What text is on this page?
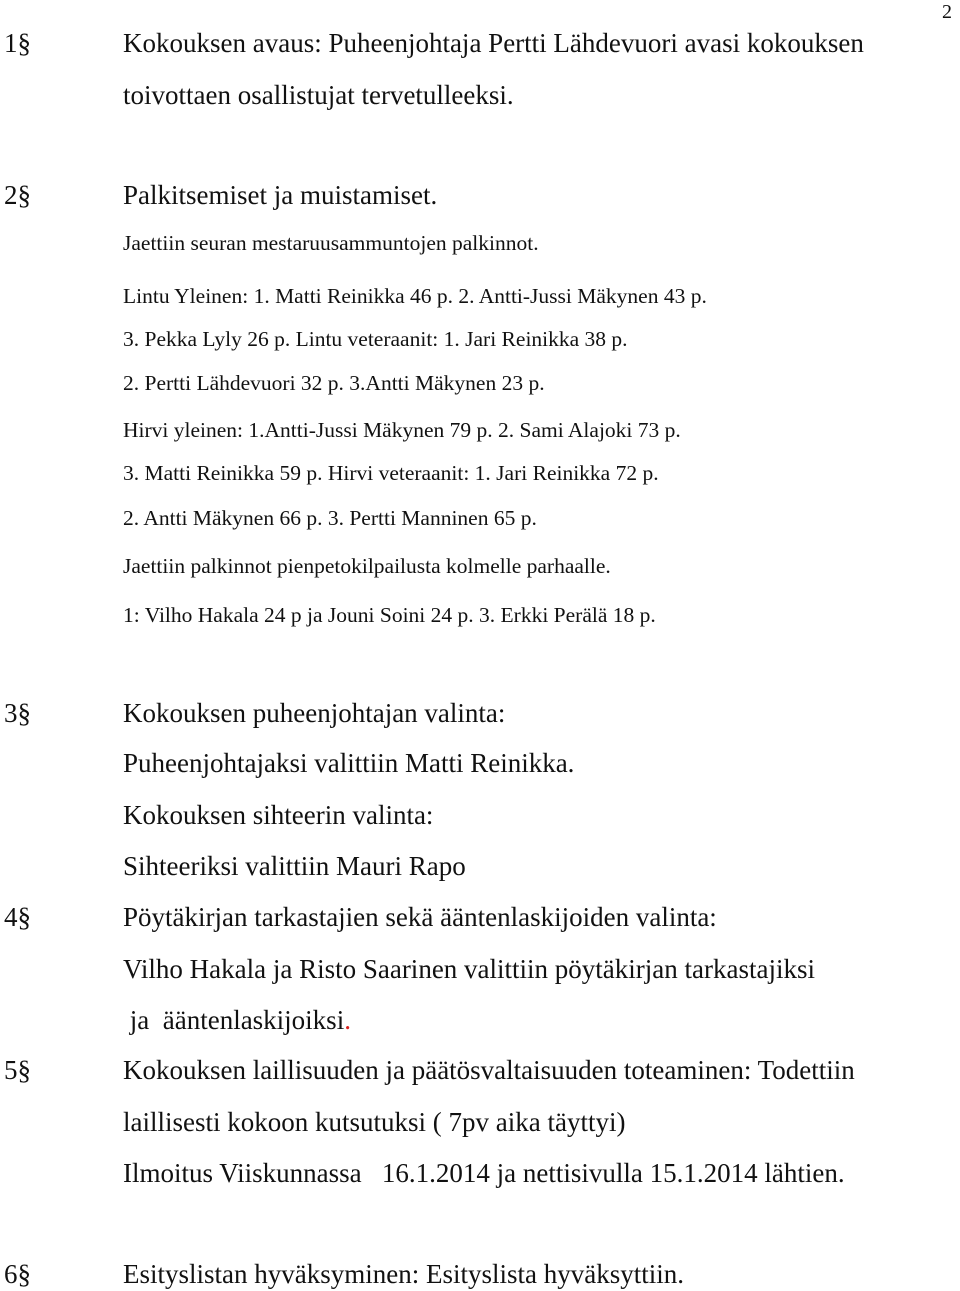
2
1§	Kokouksen avaus: Puheenjohtaja Pertti Lähdevuori avasi kokouksen
toivottaen osallistujat tervetulleeksi.
2§	Palkitsemiset ja muistamiset.
Jaettiin seuran mestaruusammuntojen palkinnot.
Lintu Yleinen: 1. Matti Reinikka 46 p. 2. Antti-Jussi Mäkynen 43 p.
3. Pekka Lyly 26 p. Lintu veteraanit: 1. Jari Reinikka 38 p.
2. Pertti Lähdevuori 32 p. 3.Antti Mäkynen 23 p.
Hirvi yleinen: 1.Antti-Jussi Mäkynen 79 p. 2. Sami Alajoki 73 p.
3. Matti Reinikka 59 p. Hirvi veteraanit: 1. Jari Reinikka 72 p.
2. Antti Mäkynen 66 p. 3. Pertti Manninen 65 p.
Jaettiin palkinnot pienpetokilpailusta kolmelle parhaalle.
1: Vilho Hakala 24 p ja Jouni Soini 24 p. 3. Erkki Perälä 18 p.
3§	Kokouksen puheenjohtajan valinta:
Puheenjohtajaksi valittiin Matti Reinikka.
Kokouksen sihteerin valinta:
Sihteeriksi valittiin Mauri Rapo
4§	Pöytäkirjan tarkastajien sekä ääntenlaskijoiden valinta:
Vilho Hakala ja Risto Saarinen valittiin pöytäkirjan tarkastajiksi
ja  ääntenlaskijoiksi.
5§	Kokouksen laillisuuden ja päätösvaltaisuuden toteaminen: Todettiin
laillisesti kokoon kutsutuksi ( 7pv aika täyttyi)
Ilmoitus Viiskunnassa   16.1.2014 ja nettisivulla 15.1.2014 lähtien.
6§	Esityslistan hyväksyminen: Esityslista hyväksyttiin.
